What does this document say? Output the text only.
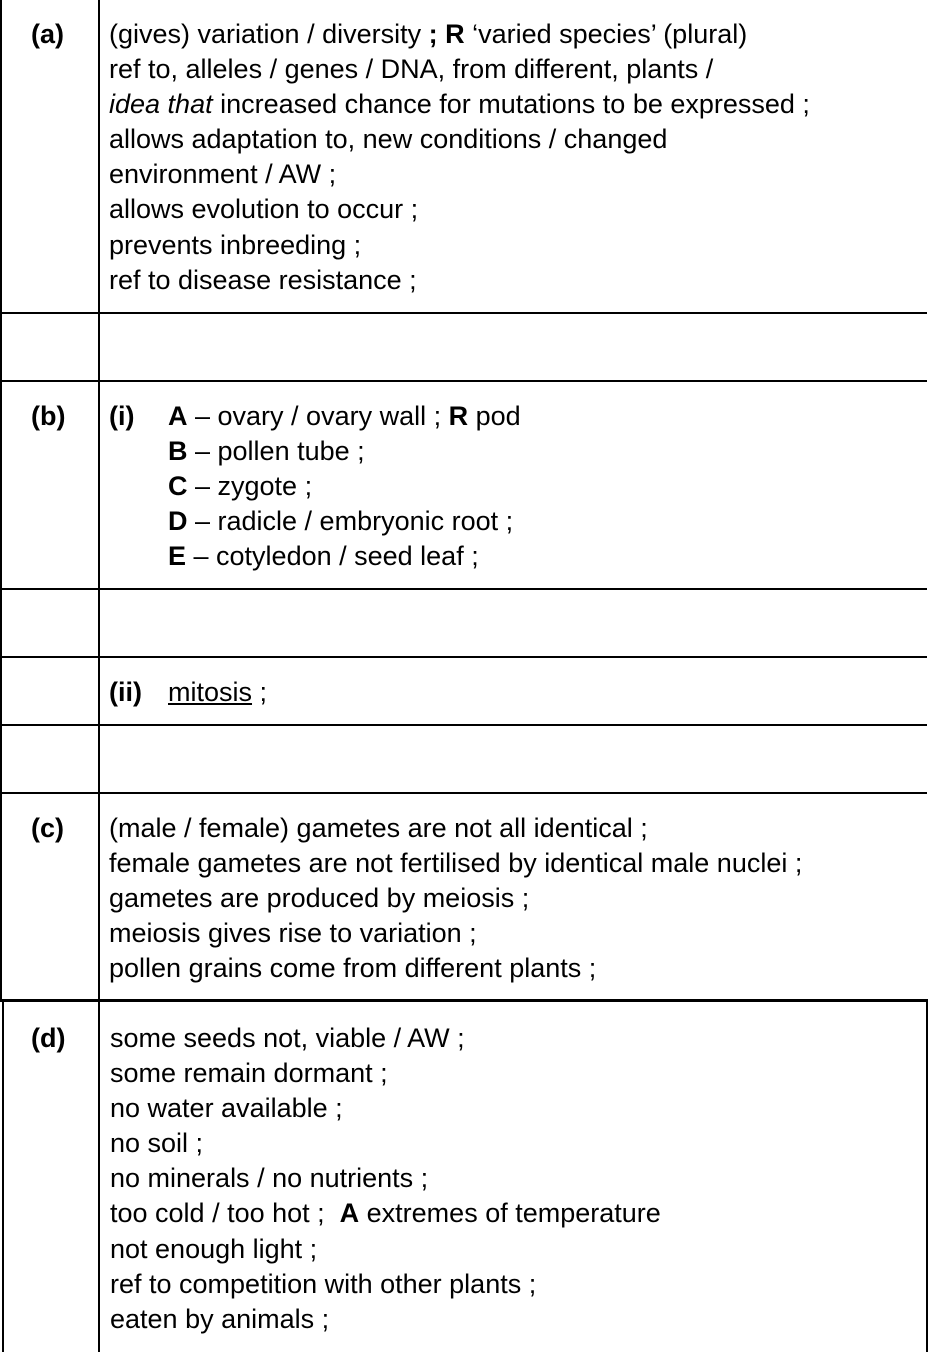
(a) (gives) variation / diversity ; R ‘varied species’ (plural)
ref to, alleles / genes / DNA, from different, plants /
idea that increased chance for mutations to be expressed ;
allows adaptation to, new conditions / changed
environment / AW ;
allows evolution to occur ;
prevents inbreeding ;
ref to disease resistance ;
(b) (i) A – ovary / ovary wall ; R pod
B – pollen tube ;
C – zygote ;
D – radicle / embryonic root ;
E – cotyledon / seed leaf ;
(ii) mitosis ;
(c) (male / female) gametes are not all identical ;
female gametes are not fertilised by identical male nuclei ;
gametes are produced by meiosis ;
meiosis gives rise to variation ;
pollen grains come from different plants ;
(d) some seeds not, viable / AW ;
some remain dormant ;
no water available ;
no soil ;
no minerals / no nutrients ;
too cold / too hot ;  A extremes of temperature
not enough light ;
ref to competition with other plants ;
eaten by animals ;
